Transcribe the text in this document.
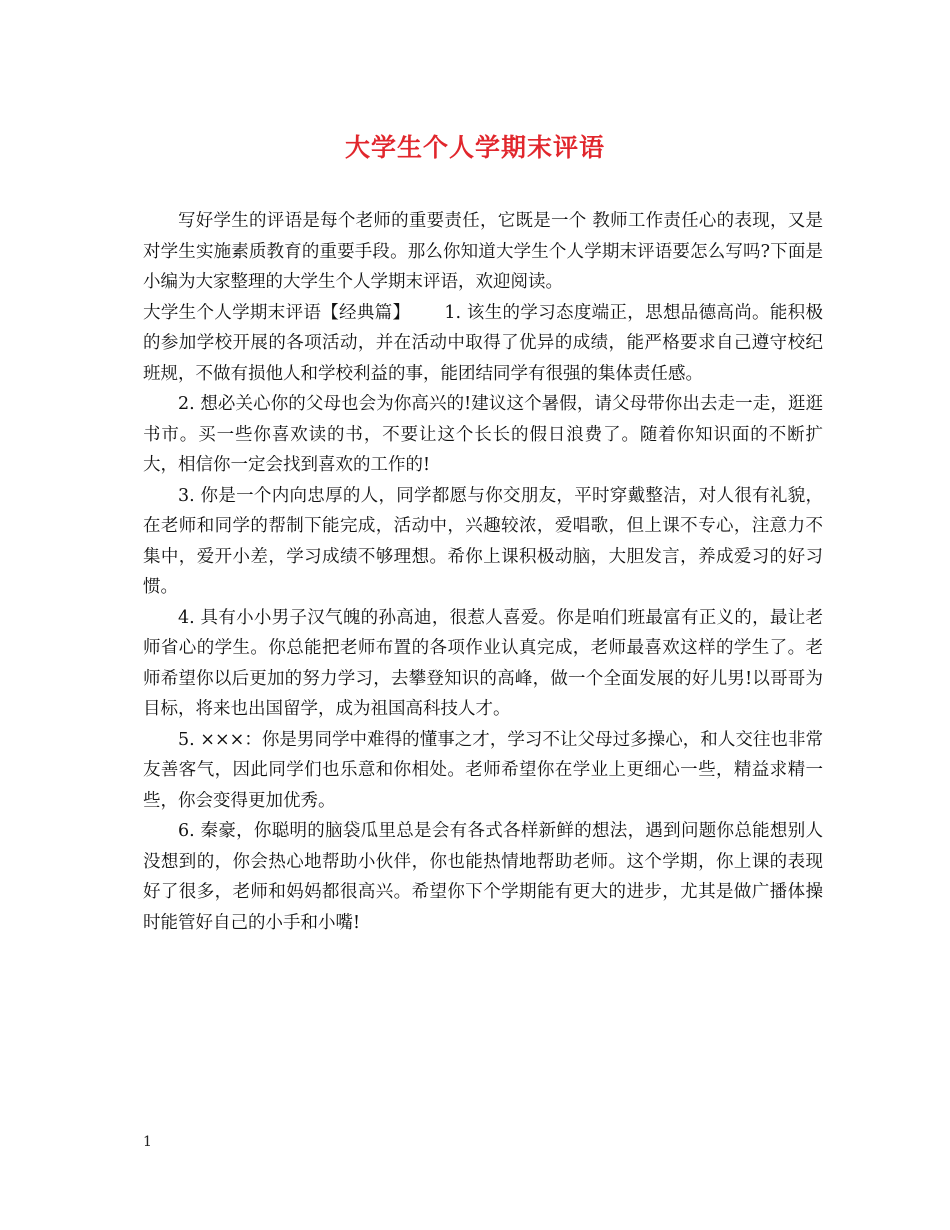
大学生个人学期末评语

写好学生的评语是每个老师的重要责任，它既是一个 教师工作责任心的表现，又是对学生实施素质教育的重要手段。那么你知道大学生个人学期末评语要怎么写吗?下面是小编为大家整理的大学生个人学期末评语，欢迎阅读。

大学生个人学期末评语【经典篇】 1. 该生的学习态度端正，思想品德高尚。能积极的参加学校开展的各项活动，并在活动中取得了优异的成绩，能严格要求自己遵守校纪班规，不做有损他人和学校利益的事，能团结同学有很强的集体责任感。

2. 想必关心你的父母也会为你高兴的!建议这个暑假，请父母带你出去走一走，逛逛书市。买一些你喜欢读的书，不要让这个长长的假日浪费了。随着你知识面的不断扩大，相信你一定会找到喜欢的工作的!

3. 你是一个内向忠厚的人，同学都愿与你交朋友，平时穿戴整洁，对人很有礼貌，在老师和同学的帮制下能完成，活动中，兴趣较浓，爱唱歌，但上课不专心，注意力不集中，爱开小差，学习成绩不够理想。希你上课积极动脑，大胆发言，养成爱习的好习惯。

4. 具有小小男子汉气魄的孙高迪，很惹人喜爱。你是咱们班最富有正义的，最让老师省心的学生。你总能把老师布置的各项作业认真完成，老师最喜欢这样的学生了。老师希望你以后更加的努力学习，去攀登知识的高峰，做一个全面发展的好儿男!以哥哥为目标，将来也出国留学，成为祖国高科技人才。

5. ×××：你是男同学中难得的懂事之才，学习不让父母过多操心，和人交往也非常友善客气，因此同学们也乐意和你相处。老师希望你在学业上更细心一些，精益求精一些，你会变得更加优秀。

6. 秦豪，你聪明的脑袋瓜里总是会有各式各样新鲜的想法，遇到问题你总能想别人没想到的，你会热心地帮助小伙伴，你也能热情地帮助老师。这个学期，你上课的表现好了很多，老师和妈妈都很高兴。希望你下个学期能有更大的进步，尤其是做广播体操时能管好自己的小手和小嘴!

1
